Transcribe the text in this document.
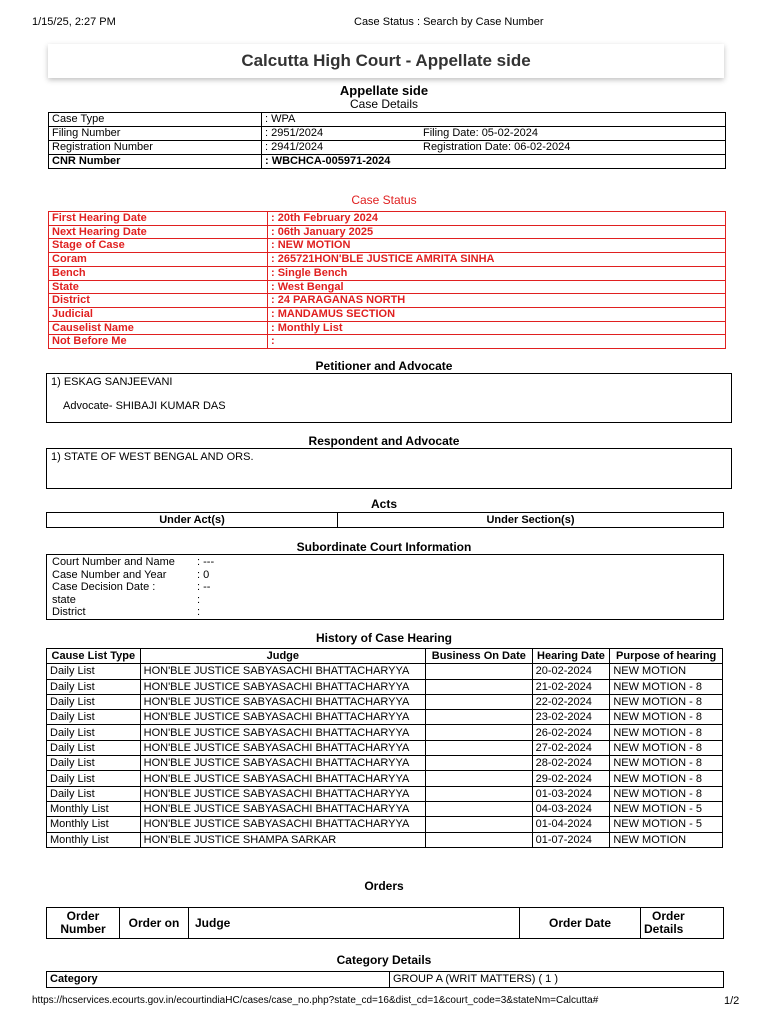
1/15/25, 2:27 PM	Case Status : Search by Case Number
Calcutta High Court - Appellate side
Appellate side
Case Details
Case Type	: WPA	
Filing Number	: 2951/2024	Filing Date: 05-02-2024
Registration Number	: 2941/2024	Registration Date: 06-02-2024
CNR Number	: WBCHCA-005971-2024	
Case Status
First Hearing Date	: 20th February 2024
Next Hearing Date	: 06th January 2025
Stage of Case	: NEW MOTION
Coram	: 265721HON'BLE JUSTICE AMRITA SINHA
Bench	: Single Bench
State	: West Bengal
District	: 24 PARAGANAS NORTH
Judicial	: MANDAMUS SECTION
Causelist Name	: Monthly List
Not Before Me	:
Petitioner and Advocate
1) ESKAG SANJEEVANI
Advocate- SHIBAJI KUMAR DAS
Respondent and Advocate
1) STATE OF WEST BENGAL AND ORS.
Acts
Under Act(s)	Under Section(s)
Subordinate Court Information
Court Number and Name : ---
Case Number and Year	: 0
Case Decision Date :	: --
state	:
District	:
History of Case Hearing
Cause List Type	Judge	Business On Date	Hearing Date	Purpose of hearing
Daily List	HON'BLE JUSTICE SABYASACHI BHATTACHARYYA		20-02-2024	NEW MOTION
Daily List	HON'BLE JUSTICE SABYASACHI BHATTACHARYYA		21-02-2024	NEW MOTION - 8
Daily List	HON'BLE JUSTICE SABYASACHI BHATTACHARYYA		22-02-2024	NEW MOTION - 8
Daily List	HON'BLE JUSTICE SABYASACHI BHATTACHARYYA		23-02-2024	NEW MOTION - 8
Daily List	HON'BLE JUSTICE SABYASACHI BHATTACHARYYA		26-02-2024	NEW MOTION - 8
Daily List	HON'BLE JUSTICE SABYASACHI BHATTACHARYYA		27-02-2024	NEW MOTION - 8
Daily List	HON'BLE JUSTICE SABYASACHI BHATTACHARYYA		28-02-2024	NEW MOTION - 8
Daily List	HON'BLE JUSTICE SABYASACHI BHATTACHARYYA		29-02-2024	NEW MOTION - 8
Daily List	HON'BLE JUSTICE SABYASACHI BHATTACHARYYA		01-03-2024	NEW MOTION - 8
Monthly List	HON'BLE JUSTICE SABYASACHI BHATTACHARYYA		04-03-2024	NEW MOTION - 5
Monthly List	HON'BLE JUSTICE SABYASACHI BHATTACHARYYA		01-04-2024	NEW MOTION - 5
Monthly List	HON'BLE JUSTICE SHAMPA SARKAR		01-07-2024	NEW MOTION
Orders
Order
Number	Order on	Judge	Order Date	Order
Details
Category Details
Category	GROUP A (WRIT MATTERS) ( 1 )
https://hcservices.ecourts.gov.in/ecourtindiaHC/cases/case_no.php?state_cd=16&dist_cd=1&court_code=3&stateNm=Calcutta#	1/2
